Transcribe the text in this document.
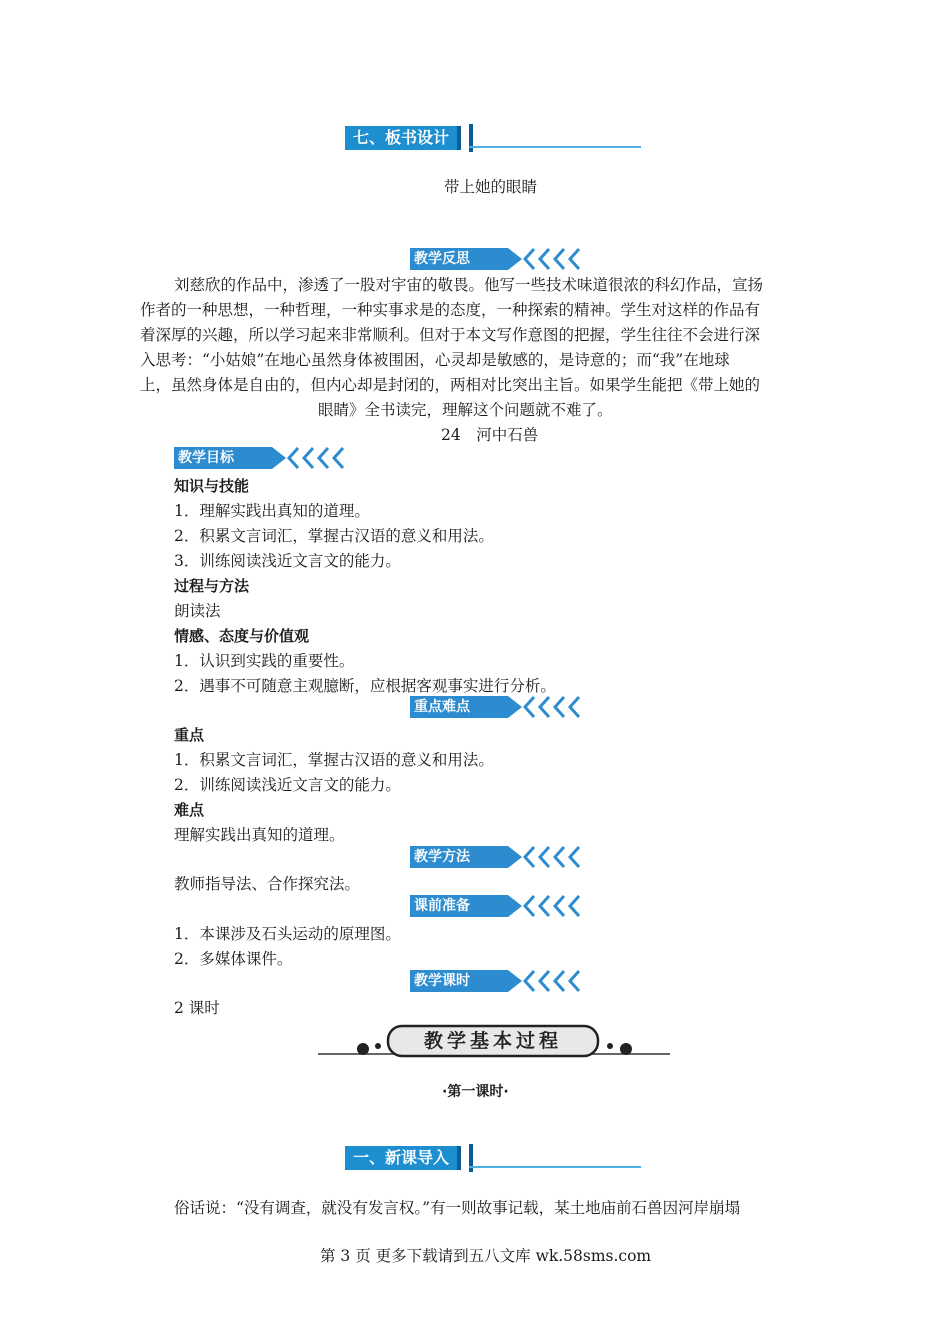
七、板书设计
带上她的眼睛
教学反思
刘慈欣的作品中，渗透了一股对宇宙的敬畏。他写一些技术味道很浓的科幻作品，宣扬
作者的一种思想，一种哲理，一种实事求是的态度，一种探索的精神。学生对这样的作品有
着深厚的兴趣，所以学习起来非常顺利。但对于本文写作意图的把握，学生往往不会进行深
入思考：“小姑娘”在地心虽然身体被围困，心灵却是敏感的，是诗意的；而“我”在地球
上，虽然身体是自由的，但内心却是封闭的，两相对比突出主旨。如果学生能把《带上她的
眼睛》全书读完，理解这个问题就不难了。
24　河中石兽
教学目标
知识与技能
1．理解实践出真知的道理。
2．积累文言词汇，掌握古汉语的意义和用法。
3．训练阅读浅近文言文的能力。
过程与方法
朗读法
情感、态度与价值观
1．认识到实践的重要性。
2．遇事不可随意主观臆断，应根据客观事实进行分析。
重点难点
重点
1．积累文言词汇，掌握古汉语的意义和用法。
2．训练阅读浅近文言文的能力。
难点
理解实践出真知的道理。
教学方法
教师指导法、合作探究法。
课前准备
1．本课涉及石头运动的原理图。
2．多媒体课件。
教学课时
2 课时
教学基本过程
·第一课时·
一、新课导入
俗话说：“没有调查，就没有发言权。”有一则故事记载，某土地庙前石兽因河岸崩塌
第 3 页 更多下载请到五八文库 wk.58sms.com
